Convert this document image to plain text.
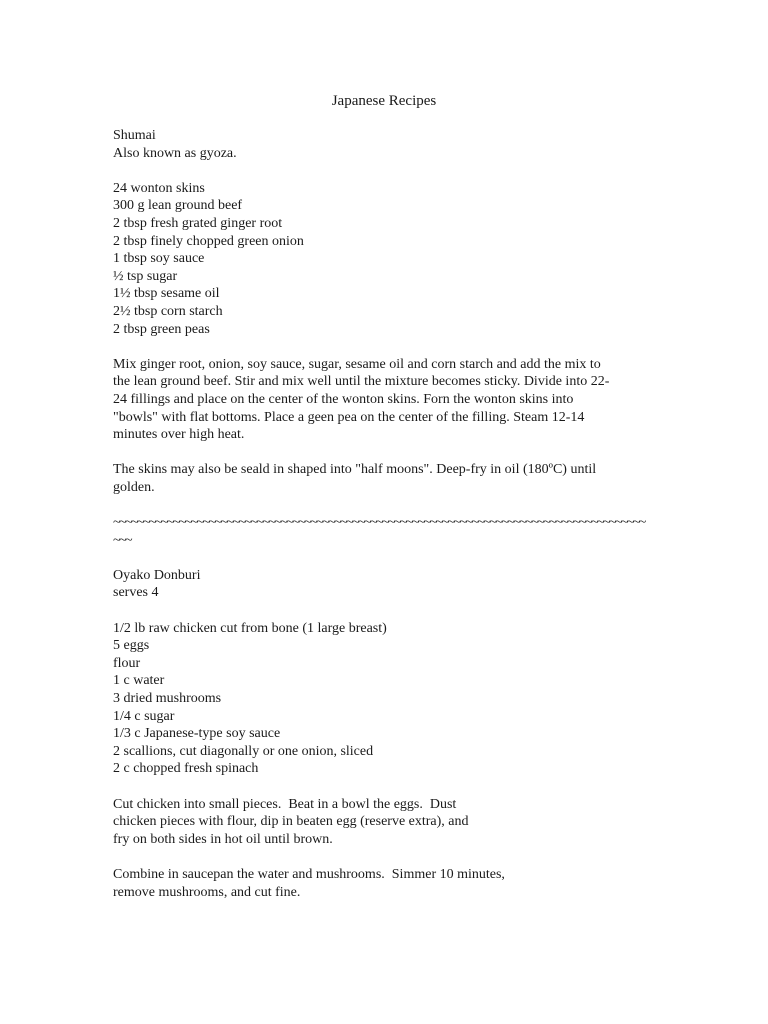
Japanese Recipes
Shumai
Also known as gyoza.
24 wonton skins
300 g lean ground beef
2 tbsp fresh grated ginger root
2 tbsp finely chopped green onion
1 tbsp soy sauce
½ tsp sugar
1½ tbsp sesame oil
2½ tbsp corn starch
2 tbsp green peas
Mix ginger root, onion, soy sauce, sugar, sesame oil and corn starch and add the mix to
the lean ground beef. Stir and mix well until the mixture becomes sticky. Divide into 22-
24 fillings and place on the center of the wonton skins. Forn the wonton skins into
"bowls" with flat bottoms. Place a geen pea on the center of the filling. Steam 12-14
minutes over high heat.
The skins may also be seald in shaped into "half moons". Deep-fry in oil (180ºC) until
golden.
~~~~~~~~~~~~~~~~~~~~~~~~~~~~~~~~~~~~~~~~~~~~~~~~~~~~~~~~~~~~~~~~~~~~~~~~~~~~~~~~~~~~~~~~~
~~~
Oyako Donburi
serves 4
1/2 lb raw chicken cut from bone (1 large breast)
5 eggs
flour
1 c water
3 dried mushrooms
1/4 c sugar
1/3 c Japanese-type soy sauce
2 scallions, cut diagonally or one onion, sliced
2 c chopped fresh spinach
Cut chicken into small pieces.  Beat in a bowl the eggs.  Dust
chicken pieces with flour, dip in beaten egg (reserve extra), and
fry on both sides in hot oil until brown.
Combine in saucepan the water and mushrooms.  Simmer 10 minutes,
remove mushrooms, and cut fine.
